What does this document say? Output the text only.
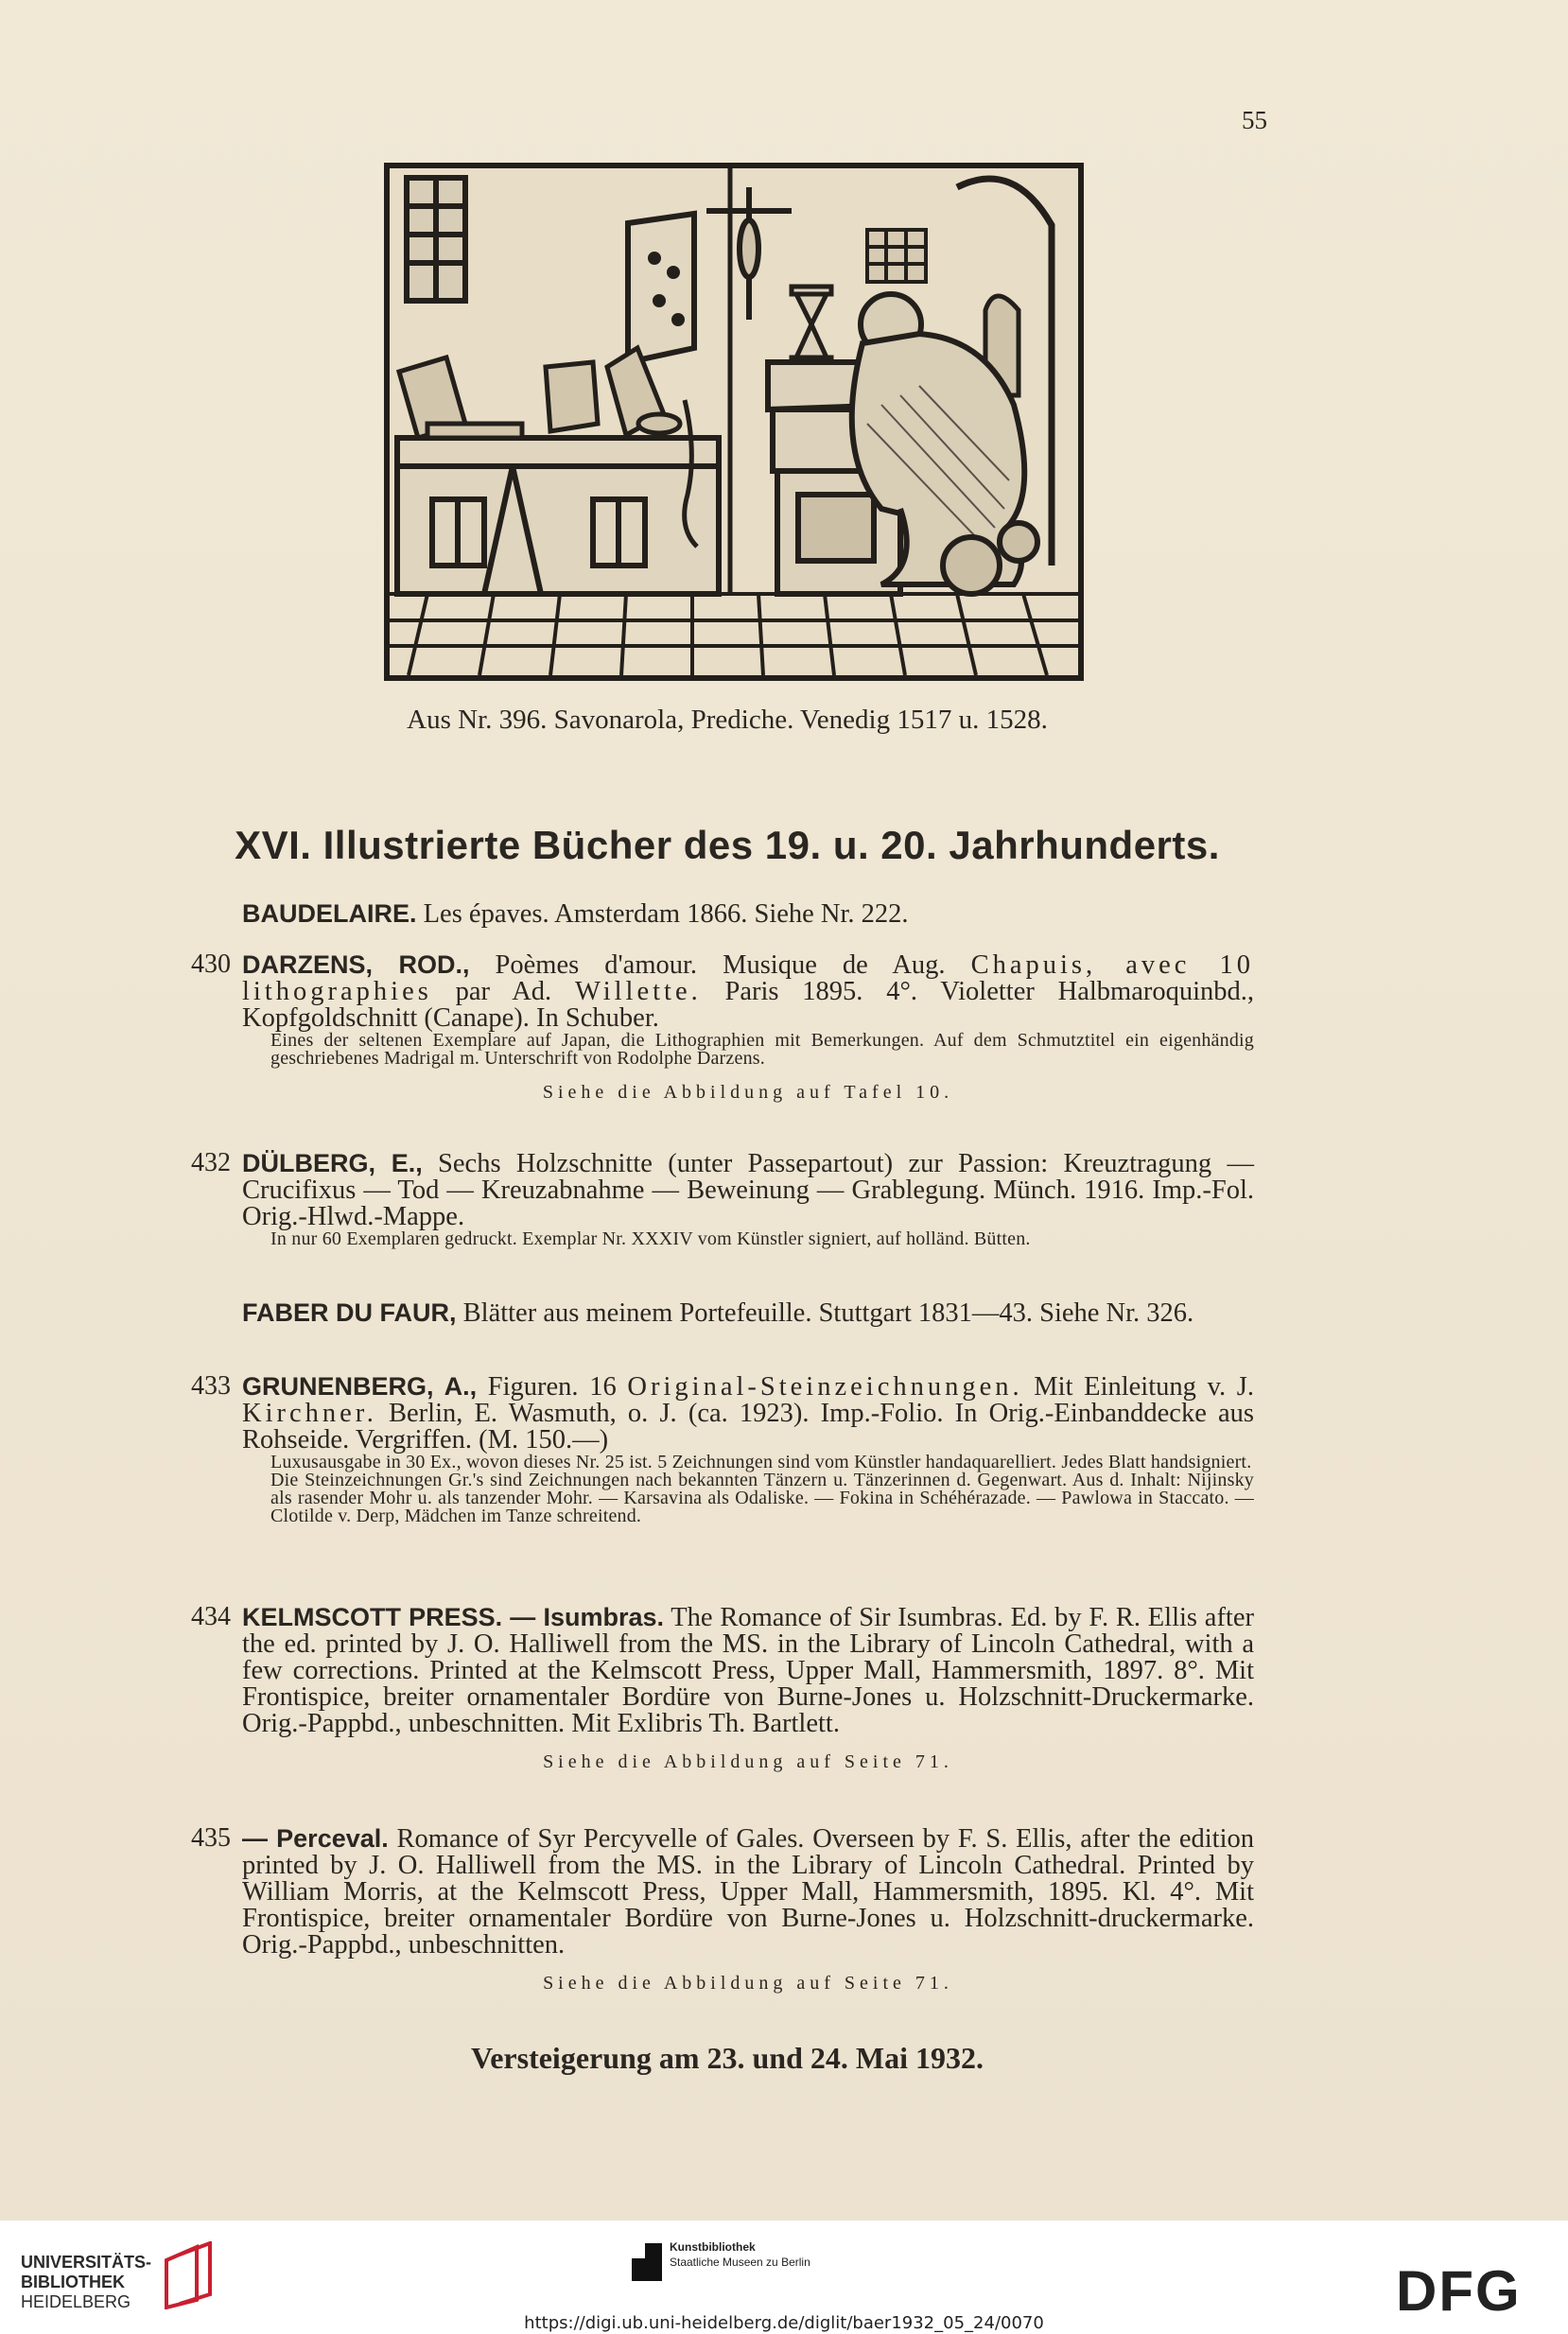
55
Aus Nr. 396. Savonarola, Prediche. Venedig 1517 u. 1528.
XVI. Illustrierte Bücher des 19. u. 20. Jahrhunderts.
BAUDELAIRE. Les épaves. Amsterdam 1866. Siehe Nr. 222.
430 DARZENS, ROD., Poèmes d'amour. Musique de Aug. Chapuis, avec 10 lithographies par Ad. Willette. Paris 1895. 4°. Violetter Halbmaroquinbd., Kopfgoldschnitt (Canape). In Schuber.
Eines der seltenen Exemplare auf Japan, die Lithographien mit Bemerkungen. Auf dem Schmutztitel ein eigenhändig geschriebenes Madrigal m. Unterschrift von Rodolphe Darzens.
Siehe die Abbildung auf Tafel 10.
432 DÜLBERG, E., Sechs Holzschnitte (unter Passepartout) zur Passion: Kreuztragung — Crucifixus — Tod — Kreuzabnahme — Beweinung — Grablegung. Münch. 1916. Imp.-Fol. Orig.-Hlwd.-Mappe.
In nur 60 Exemplaren gedruckt. Exemplar Nr. XXXIV vom Künstler signiert, auf holländ. Bütten.
FABER DU FAUR, Blätter aus meinem Portefeuille. Stuttgart 1831—43. Siehe Nr. 326.
433 GRUNENBERG, A., Figuren. 16 Original-Steinzeichnungen. Mit Einleitung v. J. Kirchner. Berlin, E. Wasmuth, o. J. (ca. 1923). Imp.-Folio. In Orig.-Einbanddecke aus Rohseide. Vergriffen. (M. 150.—)
Luxusausgabe in 30 Ex., wovon dieses Nr. 25 ist. 5 Zeichnungen sind vom Künstler handaquarelliert. Jedes Blatt handsigniert.
Die Steinzeichnungen Gr.'s sind Zeichnungen nach bekannten Tänzern u. Tänzerinnen d. Gegenwart. Aus d. Inhalt: Nijinsky als rasender Mohr u. als tanzender Mohr. — Karsavina als Odaliske. — Fokina in Schéhérazade. — Pawlowa in Staccato. — Clotilde v. Derp, Mädchen im Tanze schreitend.
434 KELMSCOTT PRESS. — Isumbras. The Romance of Sir Isumbras. Ed. by F. R. Ellis after the ed. printed by J. O. Halliwell from the MS. in the Library of Lincoln Cathedral, with a few corrections. Printed at the Kelmscott Press, Upper Mall, Hammersmith, 1897. 8°. Mit Frontispice, breiter ornamentaler Bordüre von Burne-Jones u. Holzschnitt-Druckermarke. Orig.-Pappbd., unbeschnitten. Mit Exlibris Th. Bartlett.
Siehe die Abbildung auf Seite 71.
435 — Perceval. Romance of Syr Percyvelle of Gales. Overseen by F. S. Ellis, after the edition printed by J. O. Halliwell from the MS. in the Library of Lincoln Cathedral. Printed by William Morris, at the Kelmscott Press, Upper Mall, Hammersmith, 1895. Kl. 4°. Mit Frontispice, breiter ornamentaler Bordüre von Burne-Jones u. Holzschnitt-druckermarke. Orig.-Pappbd., unbeschnitten.
Siehe die Abbildung auf Seite 71.
Versteigerung am 23. und 24. Mai 1932.
UNIVERSITÄTS-
BIBLIOTHEK
HEIDELBERG
Kunstbibliothek
Staatliche Museen zu Berlin	DFG
https://digi.ub.uni-heidelberg.de/diglit/baer1932_05_24/0070
